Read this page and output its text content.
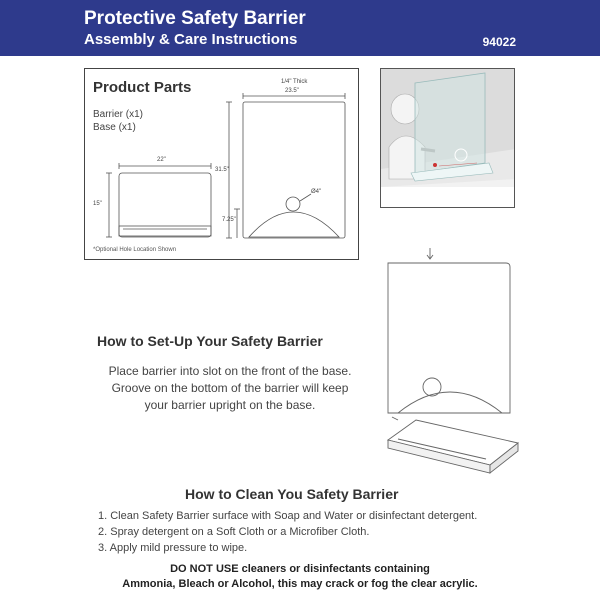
Protective Safety Barrier
Assembly & Care Instructions	94022
Product Parts
Barrier (x1)
Base (x1)
22"
15"
1/4" Thick
23.5"
31.5"
Ø4"
7.25"
*Optional Hole Location Shown
How to Set-Up Your Safety Barrier
Place barrier into slot on the front of the base.
Groove on the bottom of the barrier will keep
your barrier upright on the base.
How to Clean You Safety Barrier
1. Clean Safety Barrier surface with Soap and Water or disinfectant detergent.
2. Spray detergent on a Soft Cloth or a Microfiber Cloth.
3. Apply mild pressure to wipe.
DO NOT USE cleaners or disinfectants containing
Ammonia, Bleach or Alcohol, this may crack or fog the clear acrylic.
